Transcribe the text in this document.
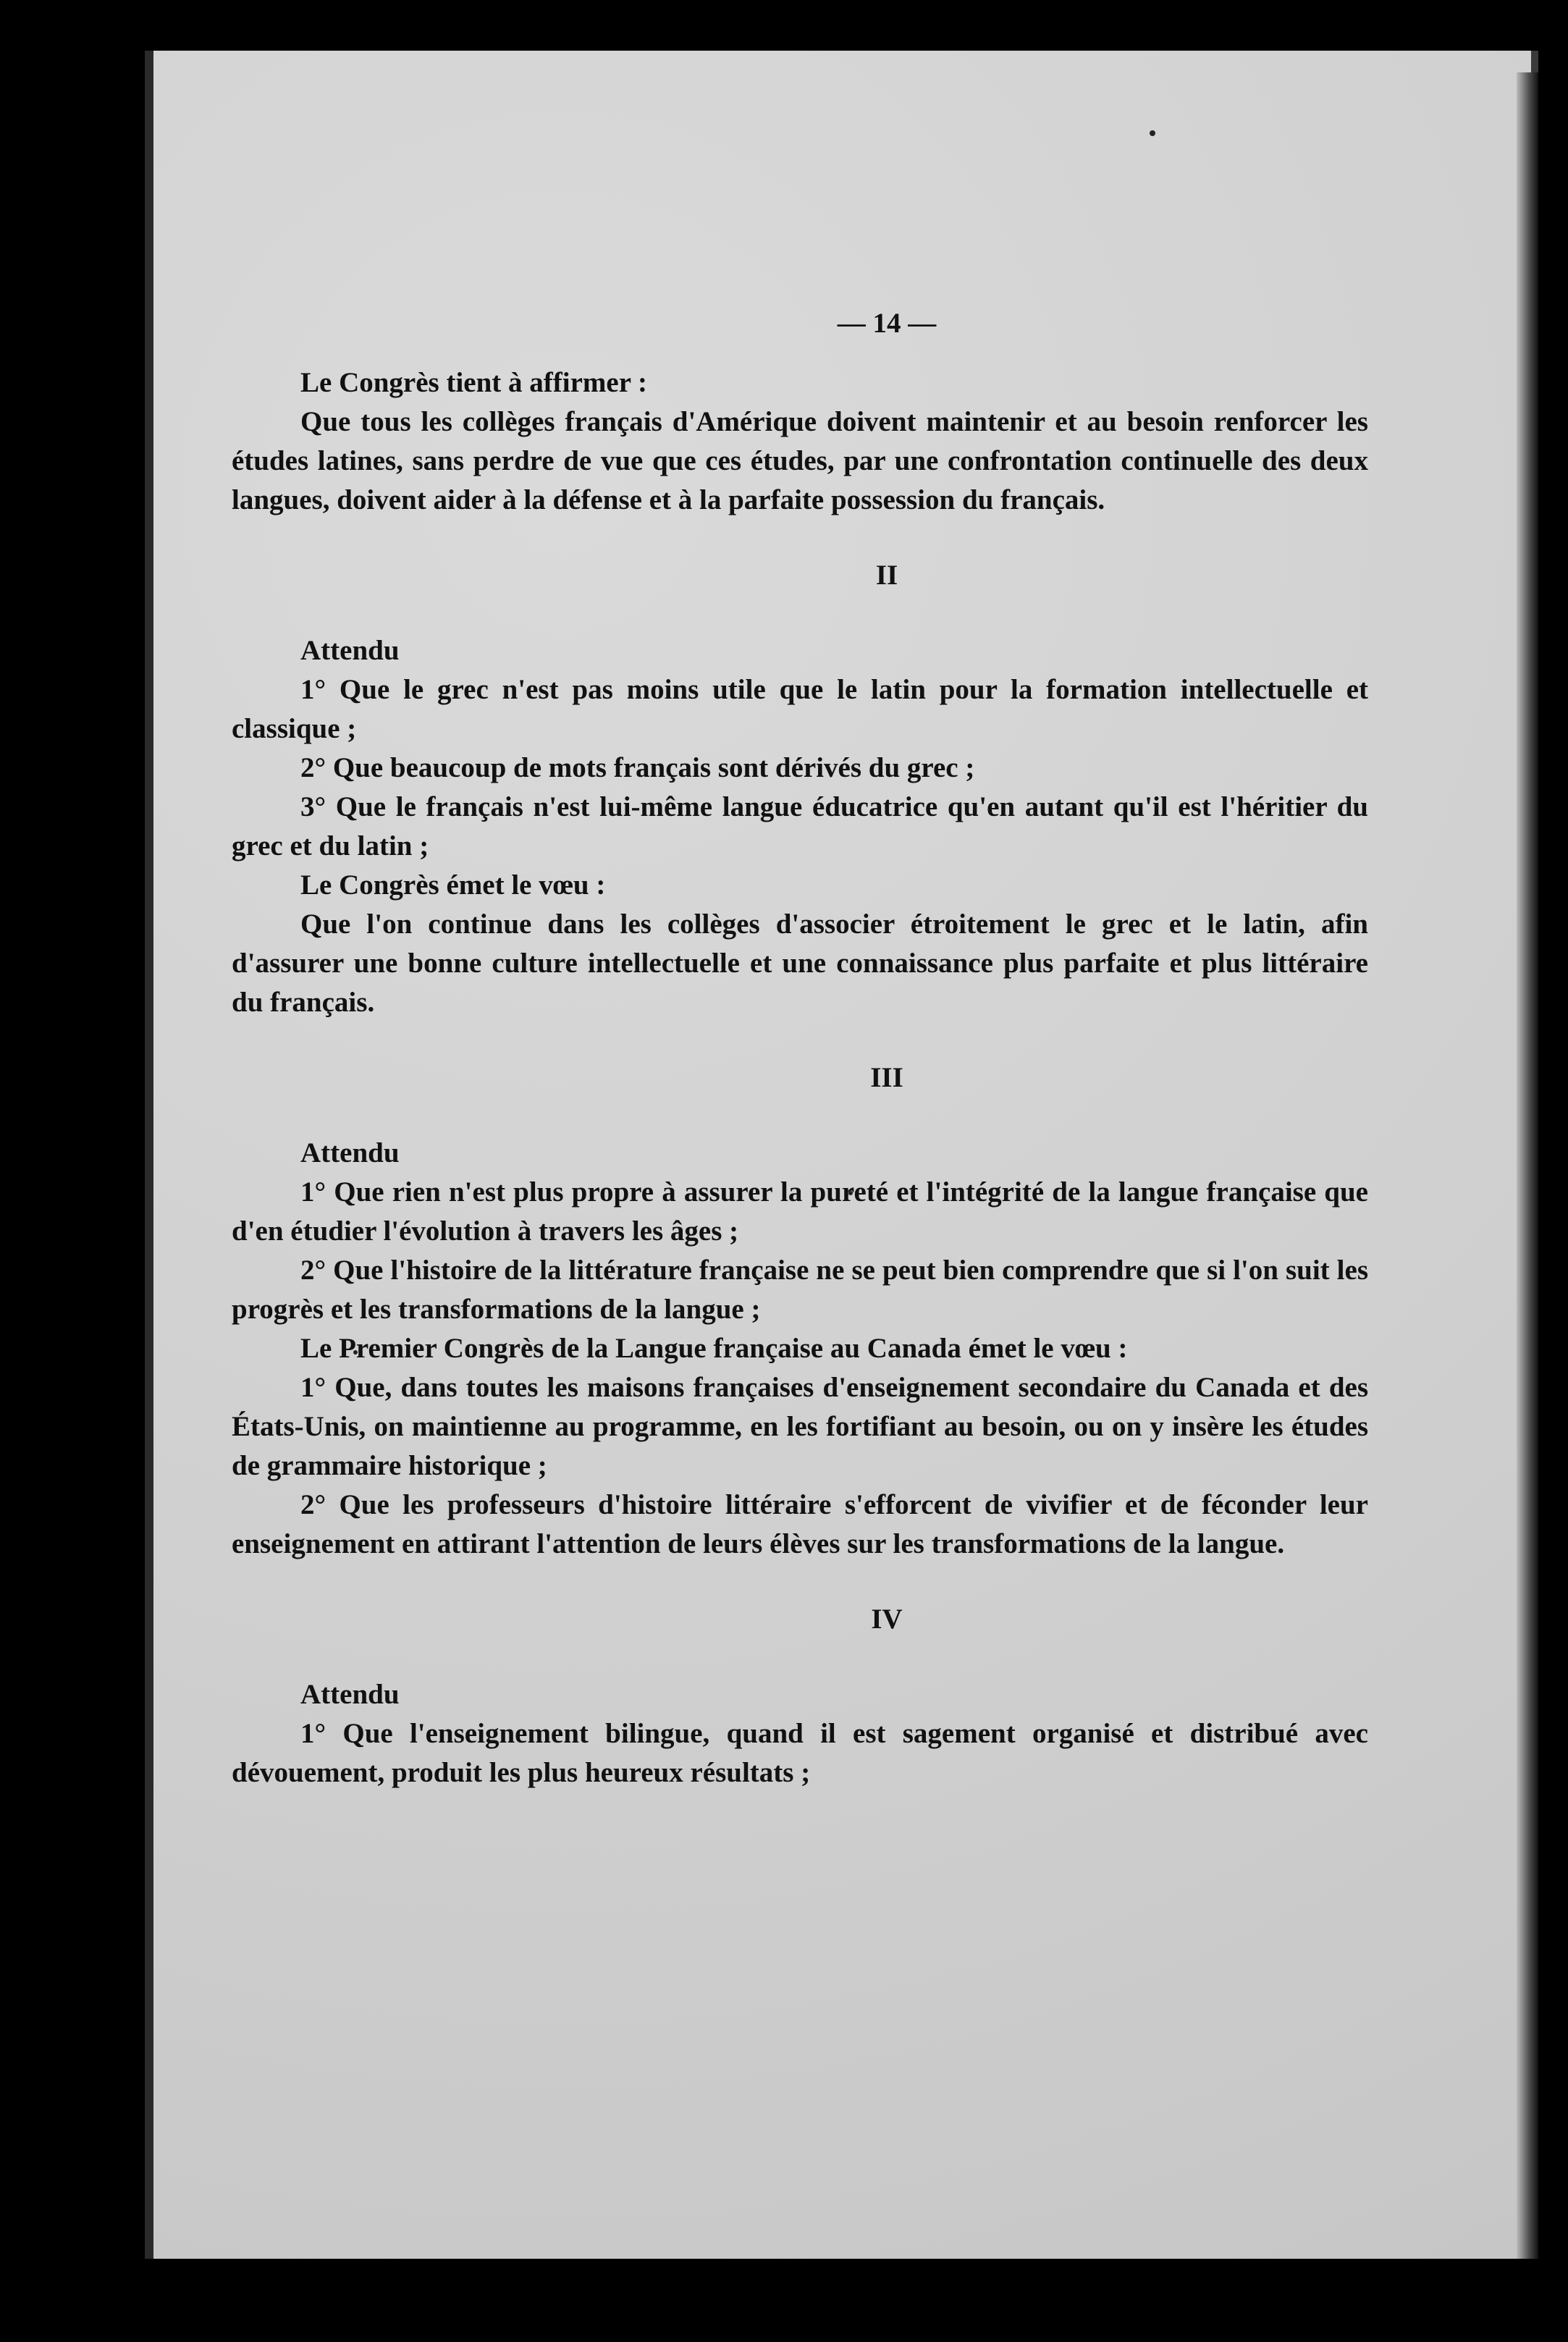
— 14 —

Le Congrès tient à affirmer :

Que tous les collèges français d'Amérique doivent maintenir et au besoin renforcer les études latines, sans perdre de vue que ces études, par une confrontation continuelle des deux langues, doivent aider à la défense et à la parfaite possession du français.

II

Attendu

1° Que le grec n'est pas moins utile que le latin pour la formation intellectuelle et classique ;

2° Que beaucoup de mots français sont dérivés du grec ;

3° Que le français n'est lui-même langue éducatrice qu'en autant qu'il est l'héritier du grec et du latin ;

Le Congrès émet le vœu :

Que l'on continue dans les collèges d'associer étroitement le grec et le latin, afin d'assurer une bonne culture intellectuelle et une connaissance plus parfaite et plus littéraire du français.

III

Attendu

1° Que rien n'est plus propre à assurer la pureté et l'intégrité de la langue française que d'en étudier l'évolution à travers les âges ;

2° Que l'histoire de la littérature française ne se peut bien comprendre que si l'on suit les progrès et les transformations de la langue ;

Le Premier Congrès de la Langue française au Canada émet le vœu :

1° Que, dans toutes les maisons françaises d'enseignement secondaire du Canada et des États-Unis, on maintienne au programme, en les fortifiant au besoin, ou on y insère les études de grammaire historique ;

2° Que les professeurs d'histoire littéraire s'efforcent de vivifier et de féconder leur enseignement en attirant l'attention de leurs élèves sur les transformations de la langue.

IV

Attendu

1° Que l'enseignement bilingue, quand il est sagement organisé et distribué avec dévouement, produit les plus heureux résultats ;
